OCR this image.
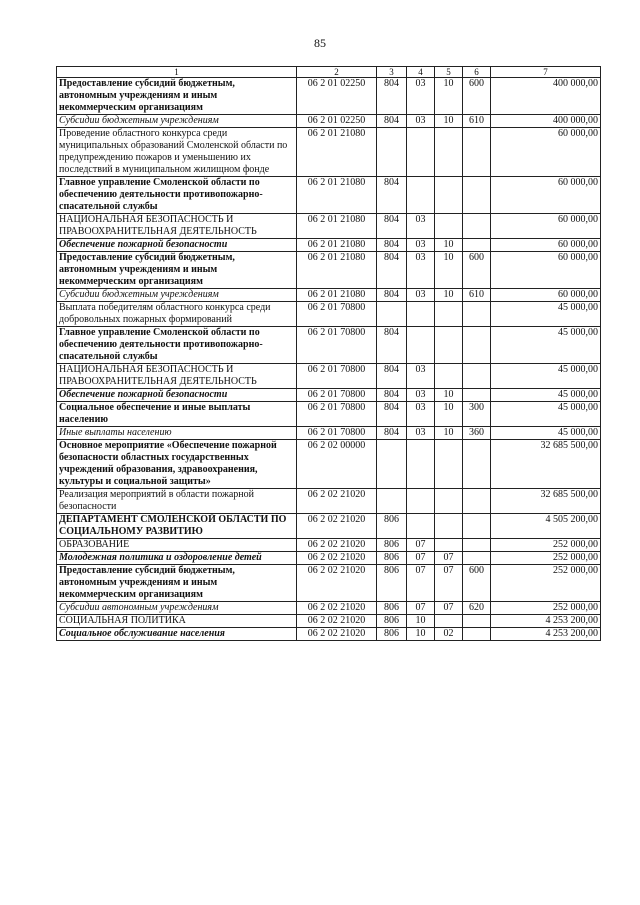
85
1	2	3	4	5	6	7
Предоставление субсидий бюджетным, автономным учреждениям и иным некоммерческим организациям	06 2 01 02250	804	03	10	600	400 000,00
Субсидии бюджетным учреждениям	06 2 01 02250	804	03	10	610	400 000,00
Проведение областного конкурса среди муниципальных образований Смоленской области по предупреждению пожаров и уменьшению их последствий в муниципальном жилищном фонде	06 2 01 21080					60 000,00
Главное управление Смоленской области по обеспечению деятельности противопожарно-спасательной службы	06 2 01 21080	804				60 000,00
НАЦИОНАЛЬНАЯ БЕЗОПАСНОСТЬ И ПРАВООХРАНИТЕЛЬНАЯ ДЕЯТЕЛЬНОСТЬ	06 2 01 21080	804	03			60 000,00
Обеспечение пожарной безопасности	06 2 01 21080	804	03	10		60 000,00
Предоставление субсидий бюджетным, автономным учреждениям и иным некоммерческим организациям	06 2 01 21080	804	03	10	600	60 000,00
Субсидии бюджетным учреждениям	06 2 01 21080	804	03	10	610	60 000,00
Выплата победителям областного конкурса среди добровольных пожарных формирований	06 2 01 70800					45 000,00
Главное управление Смоленской области по обеспечению деятельности противопожарно-спасательной службы	06 2 01 70800	804				45 000,00
НАЦИОНАЛЬНАЯ БЕЗОПАСНОСТЬ И ПРАВООХРАНИТЕЛЬНАЯ ДЕЯТЕЛЬНОСТЬ	06 2 01 70800	804	03			45 000,00
Обеспечение пожарной безопасности	06 2 01 70800	804	03	10		45 000,00
Социальное обеспечение и иные выплаты населению	06 2 01 70800	804	03	10	300	45 000,00
Иные выплаты населению	06 2 01 70800	804	03	10	360	45 000,00
Основное мероприятие «Обеспечение пожарной безопасности областных государственных учреждений образования, здравоохранения, культуры и социальной защиты»	06 2 02 00000					32 685 500,00
Реализация мероприятий в области пожарной безопасности	06 2 02 21020					32 685 500,00
ДЕПАРТАМЕНТ СМОЛЕНСКОЙ ОБЛАСТИ ПО СОЦИАЛЬНОМУ РАЗВИТИЮ	06 2 02 21020	806				4 505 200,00
ОБРАЗОВАНИЕ	06 2 02 21020	806	07			252 000,00
Молодежная политика и оздоровление детей	06 2 02 21020	806	07	07		252 000,00
Предоставление субсидий бюджетным, автономным учреждениям и иным некоммерческим организациям	06 2 02 21020	806	07	07	600	252 000,00
Субсидии автономным учреждениям	06 2 02 21020	806	07	07	620	252 000,00
СОЦИАЛЬНАЯ ПОЛИТИКА	06 2 02 21020	806	10			4 253 200,00
Социальное обслуживание населения	06 2 02 21020	806	10	02		4 253 200,00
